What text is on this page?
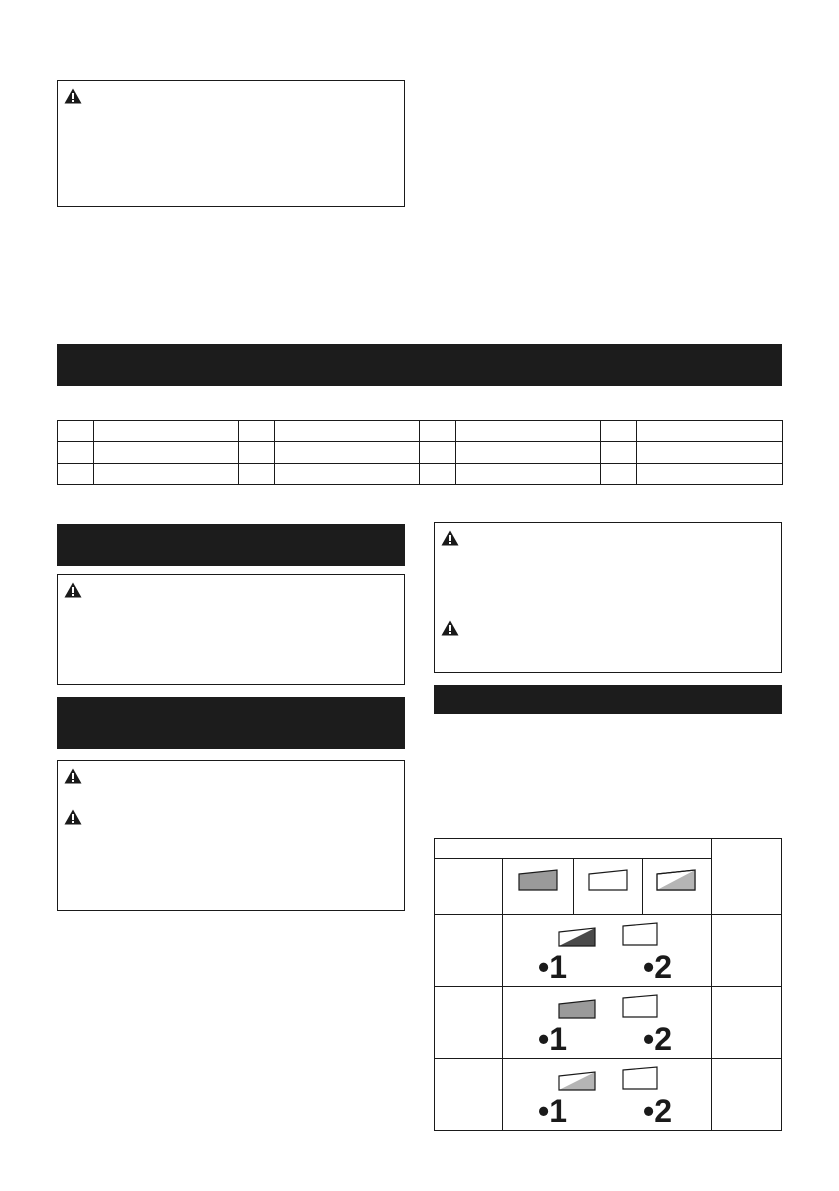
•1 •2
•1 •2
•1 •2
